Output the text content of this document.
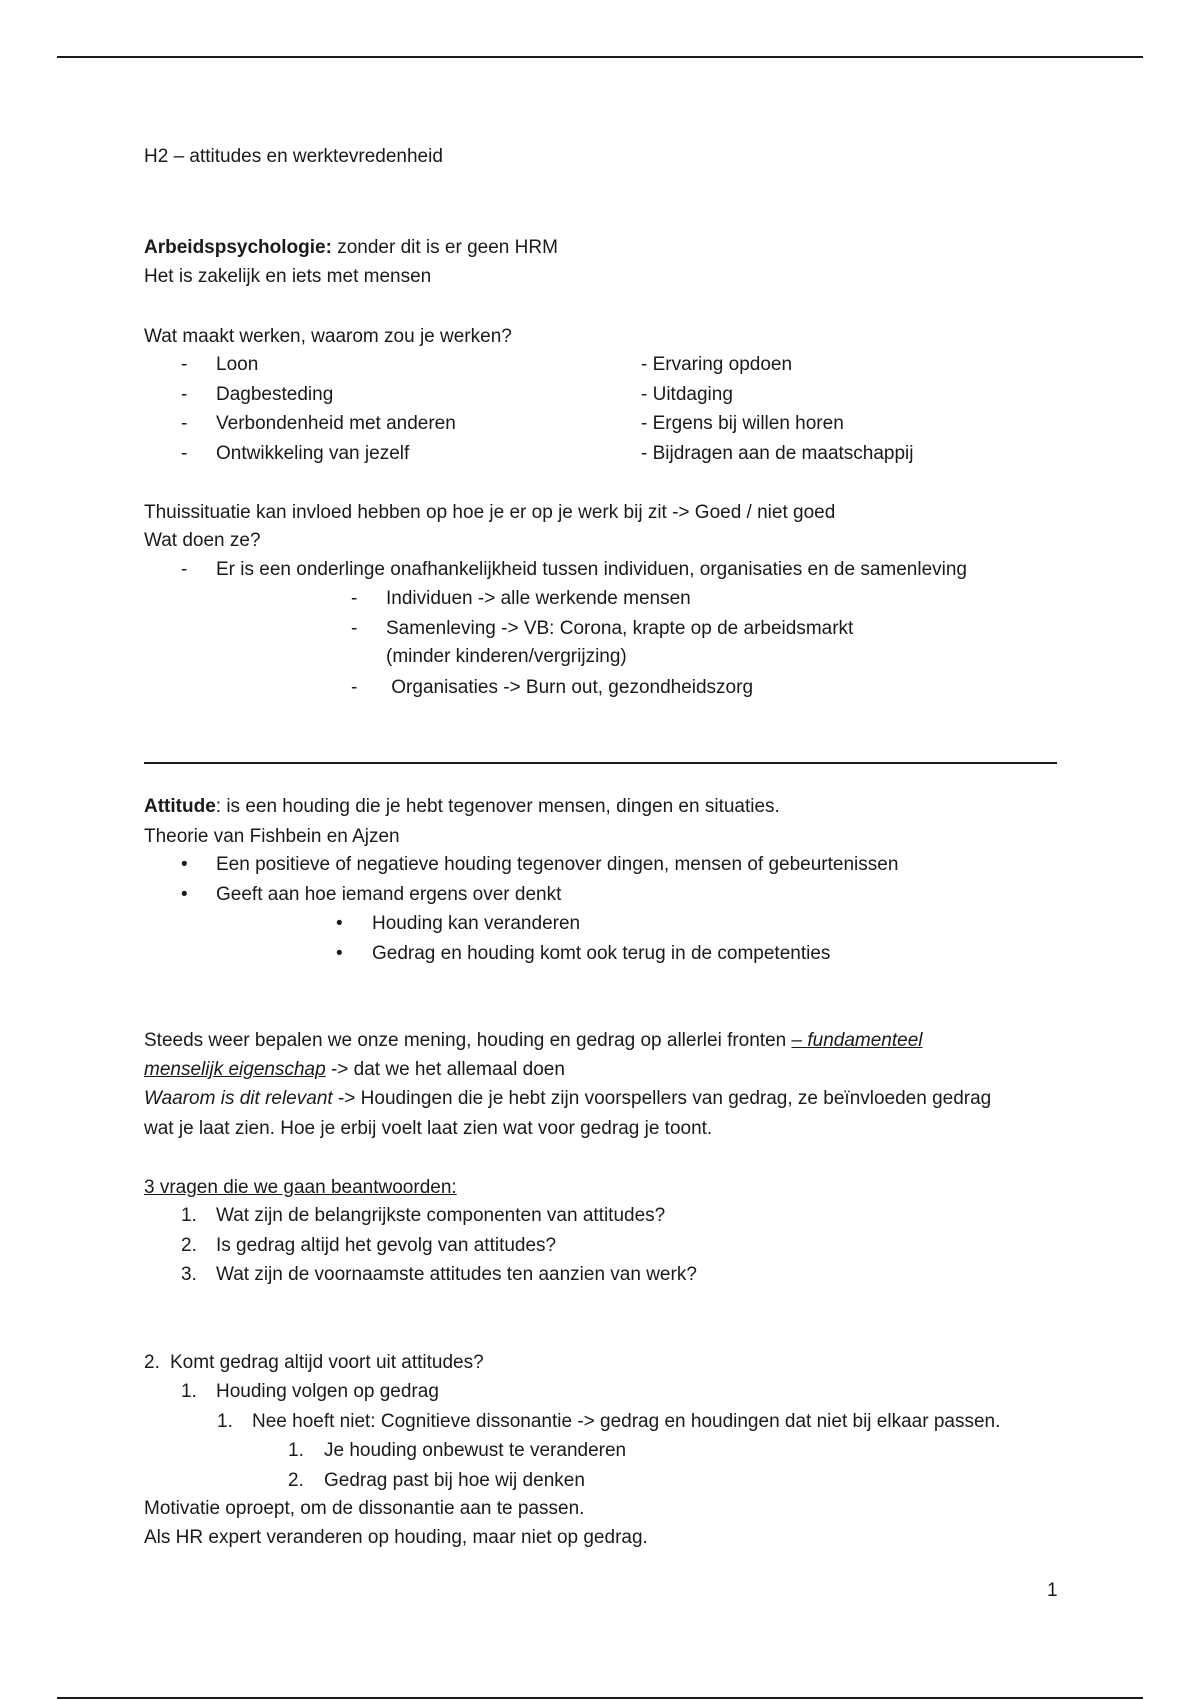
H2 – attitudes en werktevredenheid
Arbeidspsychologie: zonder dit is er geen HRM
Het is zakelijk en iets met mensen
Wat maakt werken, waarom zou je werken?
- Loon
- Dagbesteding
- Verbondenheid met anderen
- Ontwikkeling van jezelf
- Ervaring opdoen
- Uitdaging
- Ergens bij willen horen
- Bijdragen aan de maatschappij
Thuissituatie kan invloed hebben op hoe je er op je werk bij zit -> Goed / niet goed
Wat doen ze?
- Er is een onderlinge onafhankelijkheid tussen individuen, organisaties en de samenleving
- Individuen -> alle werkende mensen
- Samenleving -> VB: Corona, krapte op de arbeidsmarkt
(minder kinderen/vergrijzing)
- Organisaties -> Burn out, gezondheidszorg
Attitude: is een houding die je hebt tegenover mensen, dingen en situaties.
Theorie van Fishbein en Ajzen
• Een positieve of negatieve houding tegenover dingen, mensen of gebeurtenissen
• Geeft aan hoe iemand ergens over denkt
• Houding kan veranderen
• Gedrag en houding komt ook terug in de competenties
Steeds weer bepalen we onze mening, houding en gedrag op allerlei fronten – fundamenteel
menselijk eigenschap -> dat we het allemaal doen
Waarom is dit relevant -> Houdingen die je hebt zijn voorspellers van gedrag, ze beïnvloeden gedrag
wat je laat zien. Hoe je erbij voelt laat zien wat voor gedrag je toont.
3 vragen die we gaan beantwoorden:
1. Wat zijn de belangrijkste componenten van attitudes?
2. Is gedrag altijd het gevolg van attitudes?
3. Wat zijn de voornaamste attitudes ten aanzien van werk?
2. Komt gedrag altijd voort uit attitudes?
1. Houding volgen op gedrag
1. Nee hoeft niet: Cognitieve dissonantie -> gedrag en houdingen dat niet bij elkaar passen.
1. Je houding onbewust te veranderen
2. Gedrag past bij hoe wij denken
Motivatie oproept, om de dissonantie aan te passen.
Als HR expert veranderen op houding, maar niet op gedrag.
1
